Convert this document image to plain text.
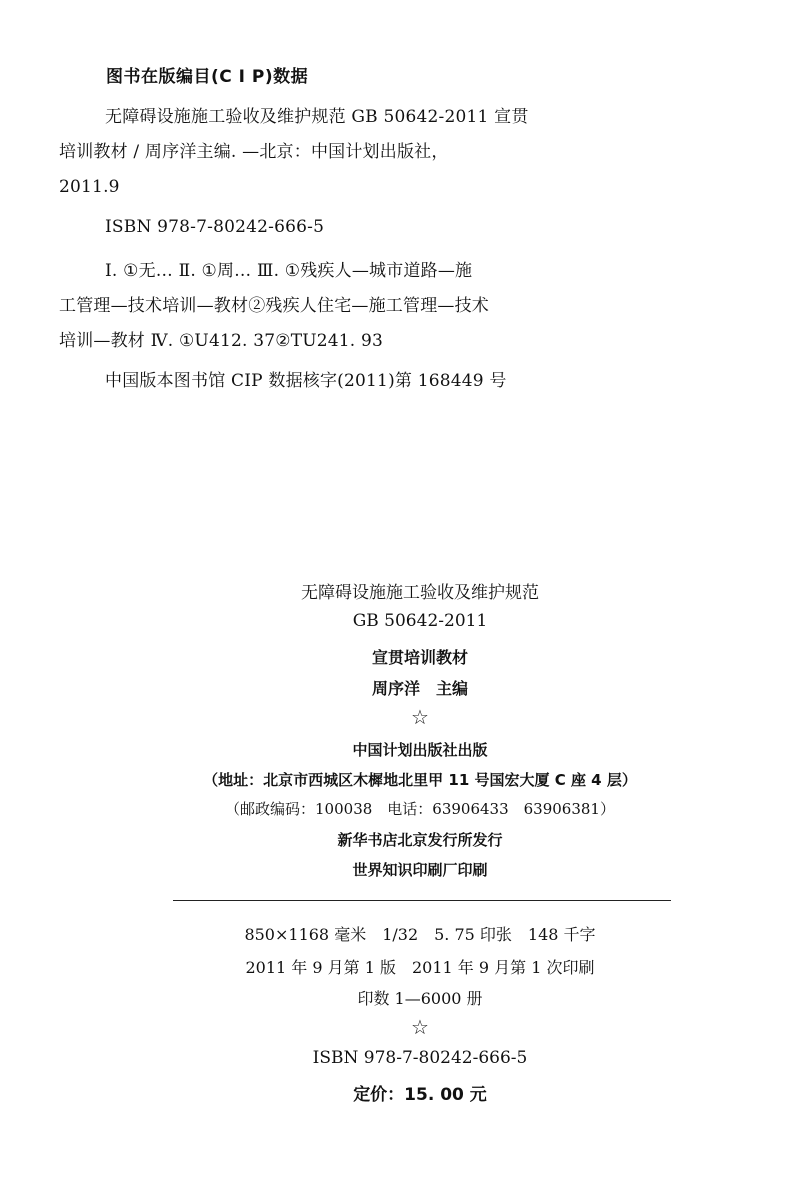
图书在版编目(C I P)数据
无障碍设施施工验收及维护规范 GB 50642-2011 宣贯
培训教材 / 周序洋主编. —北京：中国计划出版社，
2011.9
ISBN 978-7-80242-666-5
Ⅰ. ①无… Ⅱ. ①周… Ⅲ. ①残疾人—城市道路—施
工管理—技术培训—教材②残疾人住宅—施工管理—技术
培训—教材 Ⅳ. ①U412. 37②TU241. 93
中国版本图书馆 CIP 数据核字(2011)第 168449 号
无障碍设施施工验收及维护规范
GB 50642-2011
宣贯培训教材
周序洋　主编
☆
中国计划出版社出版
（地址：北京市西城区木樨地北里甲 11 号国宏大厦 C 座 4 层）
（邮政编码：100038　电话：63906433　63906381）
新华书店北京发行所发行
世界知识印刷厂印刷
850×1168 毫米　1/32　5. 75 印张　148 千字
2011 年 9 月第 1 版　2011 年 9 月第 1 次印刷
印数 1—6000 册
☆
ISBN 978-7-80242-666-5
定价：15. 00 元
